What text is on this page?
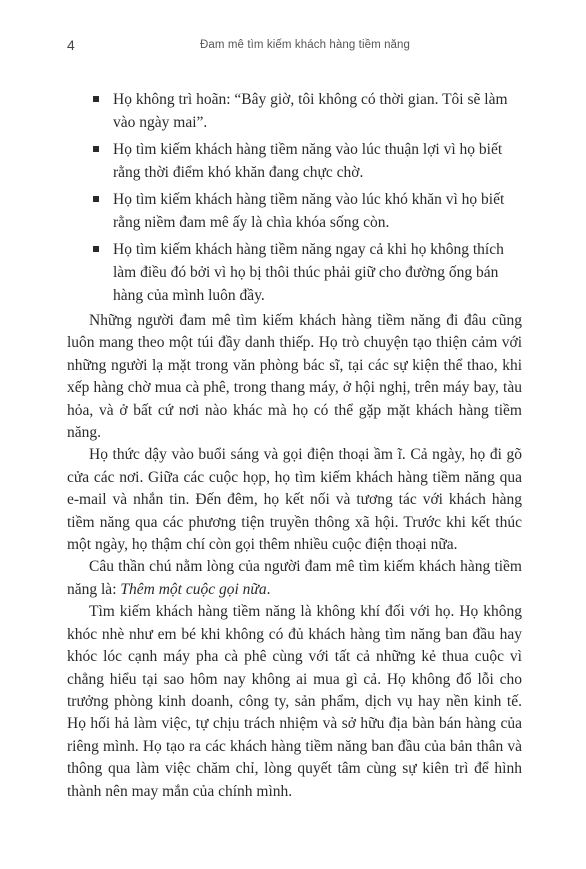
4	Đam mê tìm kiếm khách hàng tiềm năng
Họ không trì hoãn: “Bây giờ, tôi không có thời gian. Tôi sẽ làm vào ngày mai”.
Họ tìm kiếm khách hàng tiềm năng vào lúc thuận lợi vì họ biết rằng thời điểm khó khăn đang chực chờ.
Họ tìm kiếm khách hàng tiềm năng vào lúc khó khăn vì họ biết rằng niềm đam mê ấy là chìa khóa sống còn.
Họ tìm kiếm khách hàng tiềm năng ngay cả khi họ không thích làm điều đó bởi vì họ bị thôi thúc phải giữ cho đường ống bán hàng của mình luôn đầy.

Những người đam mê tìm kiếm khách hàng tiềm năng đi đâu cũng luôn mang theo một túi đầy danh thiếp. Họ trò chuyện tạo thiện cảm với những người lạ mặt trong văn phòng bác sĩ, tại các sự kiện thể thao, khi xếp hàng chờ mua cà phê, trong thang máy, ở hội nghị, trên máy bay, tàu hỏa, và ở bất cứ nơi nào khác mà họ có thể gặp mặt khách hàng tiềm năng.

Họ thức dậy vào buổi sáng và gọi điện thoại ầm ĩ. Cả ngày, họ đi gõ cửa các nơi. Giữa các cuộc họp, họ tìm kiếm khách hàng tiềm năng qua e-mail và nhắn tin. Đến đêm, họ kết nối và tương tác với khách hàng tiềm năng qua các phương tiện truyền thông xã hội. Trước khi kết thúc một ngày, họ thậm chí còn gọi thêm nhiều cuộc điện thoại nữa.

Câu thần chú nằm lòng của người đam mê tìm kiếm khách hàng tiềm năng là: Thêm một cuộc gọi nữa.

Tìm kiếm khách hàng tiềm năng là không khí đối với họ. Họ không khóc nhè như em bé khi không có đủ khách hàng tìm năng ban đầu hay khóc lóc cạnh máy pha cà phê cùng với tất cả những kẻ thua cuộc vì chẳng hiểu tại sao hôm nay không ai mua gì cả. Họ không đổ lỗi cho trưởng phòng kinh doanh, công ty, sản phẩm, dịch vụ hay nền kinh tế. Họ hối hả làm việc, tự chịu trách nhiệm và sở hữu địa bàn bán hàng của riêng mình. Họ tạo ra các khách hàng tiềm năng ban đầu của bản thân và thông qua làm việc chăm chỉ, lòng quyết tâm cùng sự kiên trì để hình thành nên may mắn của chính mình.
